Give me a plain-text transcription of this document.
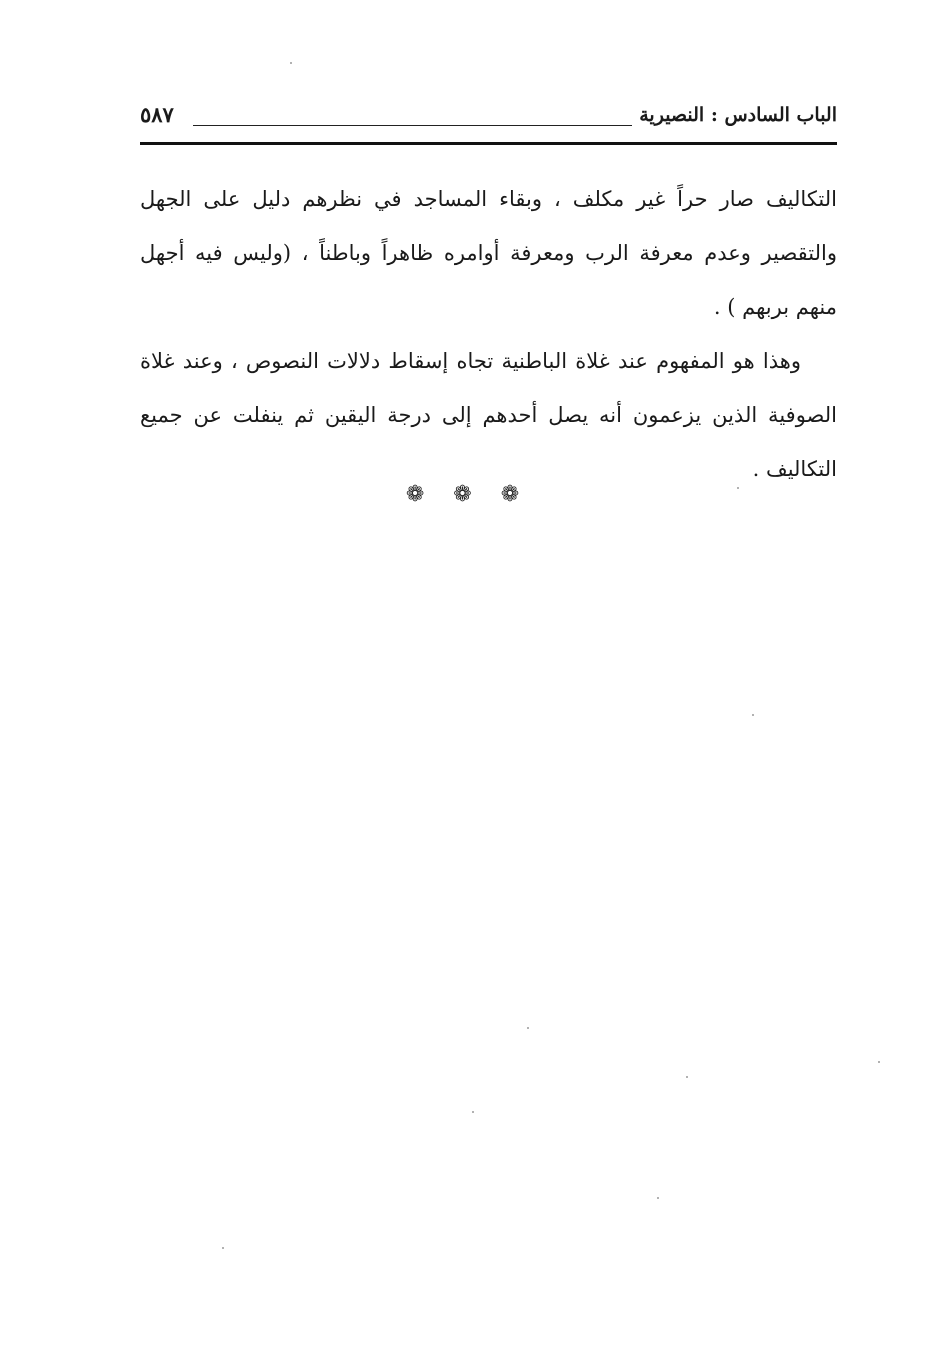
الباب السادس : النصيرية
٥٨٧

التكاليف صار حراً غير مكلف ، وبقاء المساجد في نظرهم دليل على الجهل والتقصير وعدم معرفة الرب ومعرفة أوامره ظاهراً وباطناً ، (وليس فيه أجهل منهم بربهم ) .

وهذا هو المفهوم عند غلاة الباطنية تجاه إسقاط دلالات النصوص ، وعند غلاة الصوفية الذين يزعمون أنه يصل أحدهم إلى درجة اليقين ثم ينفلت عن جميع التكاليف .

❁ ❁ ❁
